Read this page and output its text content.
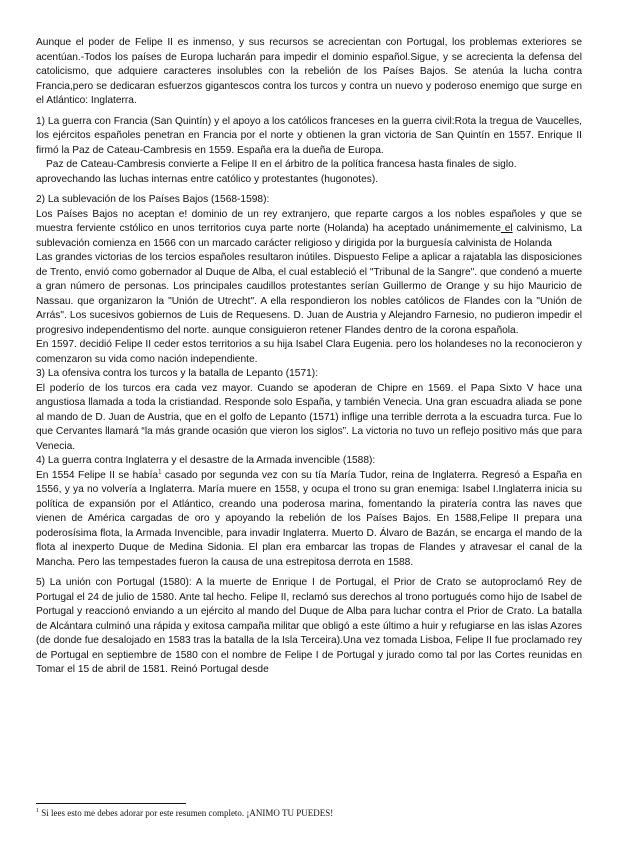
Aunque el poder de Felipe II es inmenso, y sus recursos se acrecientan con Portugal, los problemas exteriores se acentúan.-Todos los países de Europa lucharán para impedir el dominio español.Sigue, y se acrecienta la defensa del catolicismo, que adquiere caracteres insolubles con la rebelión de los Países Bajos. Se atenúa la lucha contra Francia,pero se dedicaran esfuerzos gigantescos contra los turcos y contra un nuevo y poderoso enemigo que surge en el Atlántico: Inglaterra.

1) La guerra con Francia (San Quintín) y el apoyo a los católicos franceses en la guerra civil:Rota la tregua de Vaucelles, los ejércitos españoles penetran en Francia por el norte y obtienen la gran victoria de San Quintín en 1557. Enrique II firmó la Paz de Cateau-Cambresis en 1559. España era la dueña de Europa.

Paz de Cateau-Cambresis convierte a Felipe II en el árbitro de la política francesa hasta finales de siglo.

aprovechando las luchas internas entre católico y protestantes (hugonotes).

2) La sublevación de los Países Bajos (1568-1598):

Los Países Bajos no aceptan e! dominio de un rey extranjero, que reparte cargos a los nobles españoles y que se muestra ferviente cstólico en unos territorios cuya parte norte (Holanda) ha aceptado unánimemente el calvinismo, La sublevación comienza en 1566 con un marcado carácter religioso y dirigida por la burguesía calvinista de Holanda

Las grandes victorias de los tercios españoles resultaron inútiles. Dispuesto Felipe a aplicar a rajatabla las disposiciones de Trento, envió como gobernador al Duque de Alba, el cual estableció el "Tribunal de la Sangre". que condenó a muerte a gran número de personas. Los principales caudillos protestantes serían Guillermo de Orange y su hijo Mauricio de Nassau. que organizaron la "Unión de Utrecht". A ella respondieron los nobles católicos de Flandes con la "Unión de Arrás". Los sucesivos gobiernos de Luis de Requesens. D. Juan de Austria y Alejandro Farnesio, no pudieron impedir el progresivo independentismo del norte. aunque consiguieron retener Flandes dentro de la corona española.

En 1597. decidió Felipe II ceder estos territorios a su hija Isabel Clara Eugenia. pero los holandeses no la reconocieron y comenzaron su vida como nación independiente.

3) La ofensiva contra los turcos y la batalla de Lepanto (1571):

El poderío de los turcos era cada vez mayor. Cuando se apoderan de Chipre en 1569. el Papa Sixto V hace una angustiosa llamada a toda la cristiandad. Responde solo España, y también Venecia. Una gran escuadra aliada se pone al mando de D. Juan de Austria, que en el golfo de Lepanto (1571) inflige una terrible derrota a la escuadra turca. Fue lo que Cervantes llamará “la más grande ocasión que vieron los siglos”. La victoria no tuvo un reflejo positivo más que para Venecia.

4) La guerra contra Inglaterra y el desastre de la Armada invencible (1588):

En 1554 Felipe II se había$^1$ casado por segunda vez con su tía María Tudor, reina de Inglaterra. Regresó a España en 1556, y ya no volvería a Inglaterra. María muere en 1558, y ocupa el trono su gran enemiga: Isabel I.Inglaterra inicia su política de expansión por el Atlántico, creando una poderosa marina, fomentando la piratería contra las naves que vienen de América cargadas de oro y apoyando la rebelión de los Países Bajos. En 1588,Felipe II prepara una poderosísima flota, la Armada Invencible, para invadir Inglaterra. Muerto D. Álvaro de Bazán, se encarga el mando de la flota al inexperto Duque de Medina Sidonia. El plan era embarcar las tropas de Flandes y atravesar el canal de la Mancha. Pero las tempestades fueron la causa de una estrepitosa derrota en 1588.

5) La unión con Portugal (1580): A la muerte de Enrique I de Portugal, el Prior de Crato se autoproclamó Rey de Portugal el 24 de julio de 1580. Ante tal hecho. Felipe II, reclamó sus derechos al trono portugués como hijo de Isabel de Portugal y reaccionó enviando a un ejército al mando del Duque de Alba para luchar contra el Prior de Crato. La batalla de Alcántara culminó una rápida y exitosa campaña militar que obligó a este último a huir y refugiarse en las islas Azores (de donde fue desalojado en 1583 tras la batalla de la Isla Terceira).Una vez tomada Lisboa, Felipe II fue proclamado rey de Portugal en septiembre de 1580 con el nombre de Felipe I de Portugal y jurado como tal por las Cortes reunidas en Tomar el 15 de abril de 1581. Reinó Portugal desde

$^1$ Si lees esto me debes adorar por este resumen completo. ¡ANIMO TU PUEDES!
